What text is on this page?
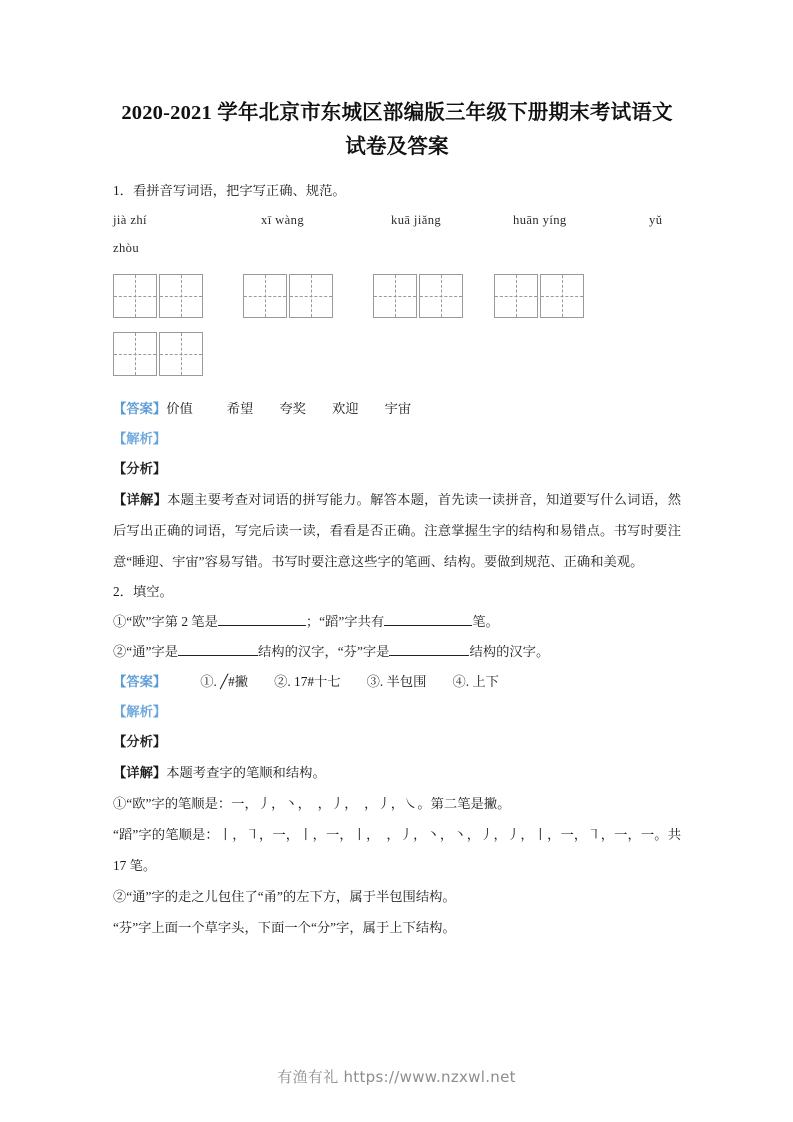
2020-2021 学年北京市东城区部编版三年级下册期末考试语文试卷及答案

1．看拼音写词语，把字写正确、规范。

jià zhí	xī wàng	kuā jiǎng	huān yíng	yǔ
zhòu

【答案】价值	希望 夸奖 欢迎 宇宙

【解析】

【分析】

【详解】本题主要考查对词语的拼写能力。解答本题，首先读一读拼音，知道要写什么词语，然后写出正确的词语，写完后读一读，看看是否正确。注意掌握生字的结构和易错点。书写时要注意“睡迎、宇宙”容易写错。书写时要注意这些字的笔画、结构。要做到规范、正确和美观。

2．填空。

①“欧”字第 2 笔是	；“蹈”字共有	笔。

②“通”字是	结构的汉字，“芬”字是	结构的汉字。

【答案】	①. ╱#撇 ②. 17#十七 ③. 半包围 ④. 上下

【解析】

【分析】

【详解】本题考查字的笔顺和结构。

①“欧”字的笔顺是：一，丿，丶，　，丿，　，丿，㇏。第二笔是撇。

“蹈”字的笔顺是：丨，㇕，一，丨，一，丨，　，丿，丶，丶，丿，丿，丨，一，㇕，一，一。共 17 笔。

②“通”字的走之儿包住了“甬”的左下方，属于半包围结构。

“芬”字上面一个草字头，下面一个“分”字，属于上下结构。

有渔有礼 https://www.nzxwl.net
